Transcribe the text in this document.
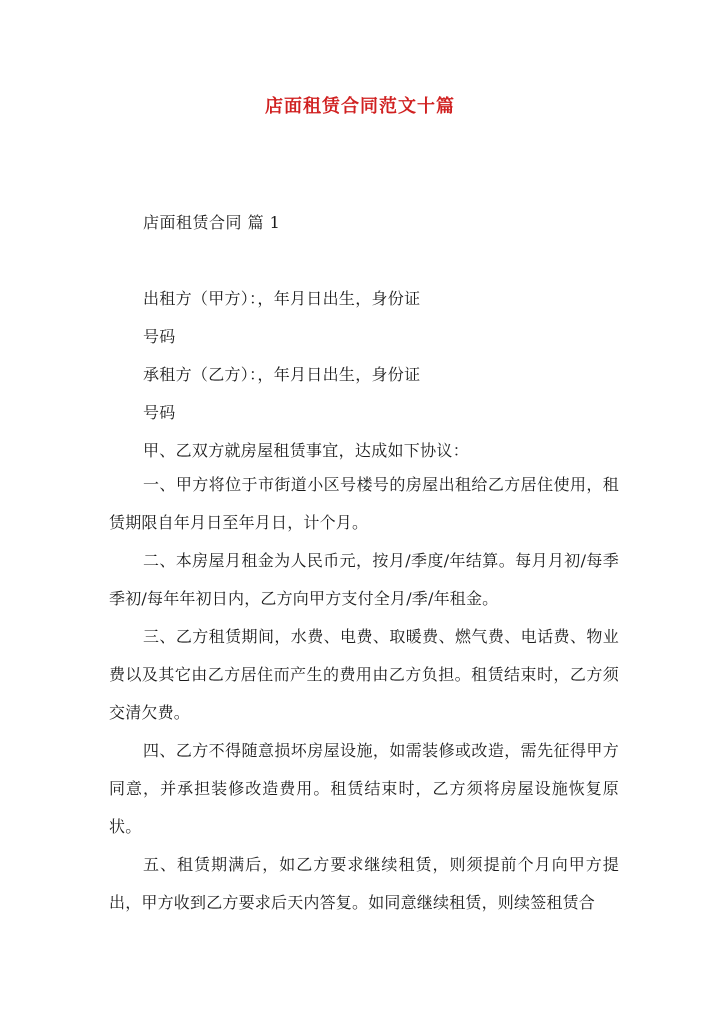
店面租赁合同范文十篇
店面租赁合同 篇 1
出租方（甲方）：，年月日出生，身份证
号码
承租方（乙方）：，年月日出生，身份证
号码
甲、乙双方就房屋租赁事宜，达成如下协议：
一、甲方将位于市街道小区号楼号的房屋出租给乙方居住使用，租赁期限自年月日至年月日，计个月。
二、本房屋月租金为人民币元，按月/季度/年结算。每月月初/每季季初/每年年初日内，乙方向甲方支付全月/季/年租金。
三、乙方租赁期间，水费、电费、取暖费、燃气费、电话费、物业费以及其它由乙方居住而产生的费用由乙方负担。租赁结束时，乙方须交清欠费。
四、乙方不得随意损坏房屋设施，如需装修或改造，需先征得甲方同意，并承担装修改造费用。租赁结束时，乙方须将房屋设施恢复原状。
五、租赁期满后，如乙方要求继续租赁，则须提前个月向甲方提出，甲方收到乙方要求后天内答复。如同意继续租赁，则续签租赁合
